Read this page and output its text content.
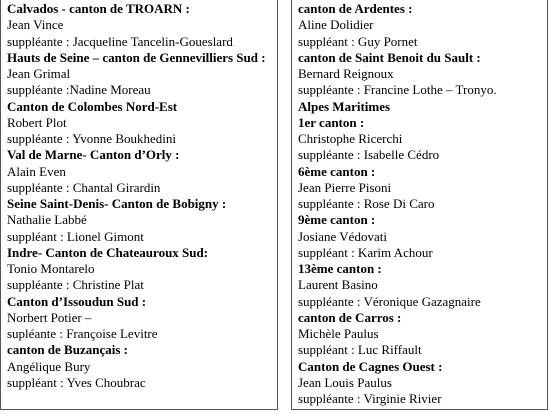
Calvados - canton de TROARN :
Jean Vince
suppléante : Jacqueline Tancelin-Goueslard
Hauts de Seine – canton de Gennevilliers Sud :
Jean Grimal
suppléante :Nadine Moreau
Canton de Colombes Nord-Est
Robert Plot
suppléante : Yvonne Boukhedini
Val de Marne- Canton d’Orly :
Alain Even
suppléante : Chantal Girardin
Seine Saint-Denis- Canton de Bobigny :
Nathalie Labbé
suppléant : Lionel Gimont
Indre- Canton de Chateauroux Sud:
Tonio Montarelo
suppléante : Christine Plat
Canton d’Issoudun Sud :
Norbert Potier –
supléante : Françoise Levitre
canton de Buzançais :
Angélique Bury
suppléant : Yves Choubrac
canton de Ardentes :
Aline Dolidier
suppléant : Guy Pornet
canton de Saint Benoit du Sault :
Bernard Reignoux
suppléante : Francine Lothe – Tronyo.
Alpes Maritimes
1er canton :
Christophe Ricerchi
suppléante : Isabelle Cédro
6ème canton :
Jean Pierre Pisoni
suppléante : Rose Di Caro
9ème canton :
Josiane Védovati
suppléant : Karim Achour
13ème canton :
Laurent Basino
suppléante : Véronique Gazagnaire
canton de Carros :
Michèle Paulus
suppléant : Luc Riffault
Canton de Cagnes Ouest :
Jean Louis Paulus
suppléante : Virginie Rivier
